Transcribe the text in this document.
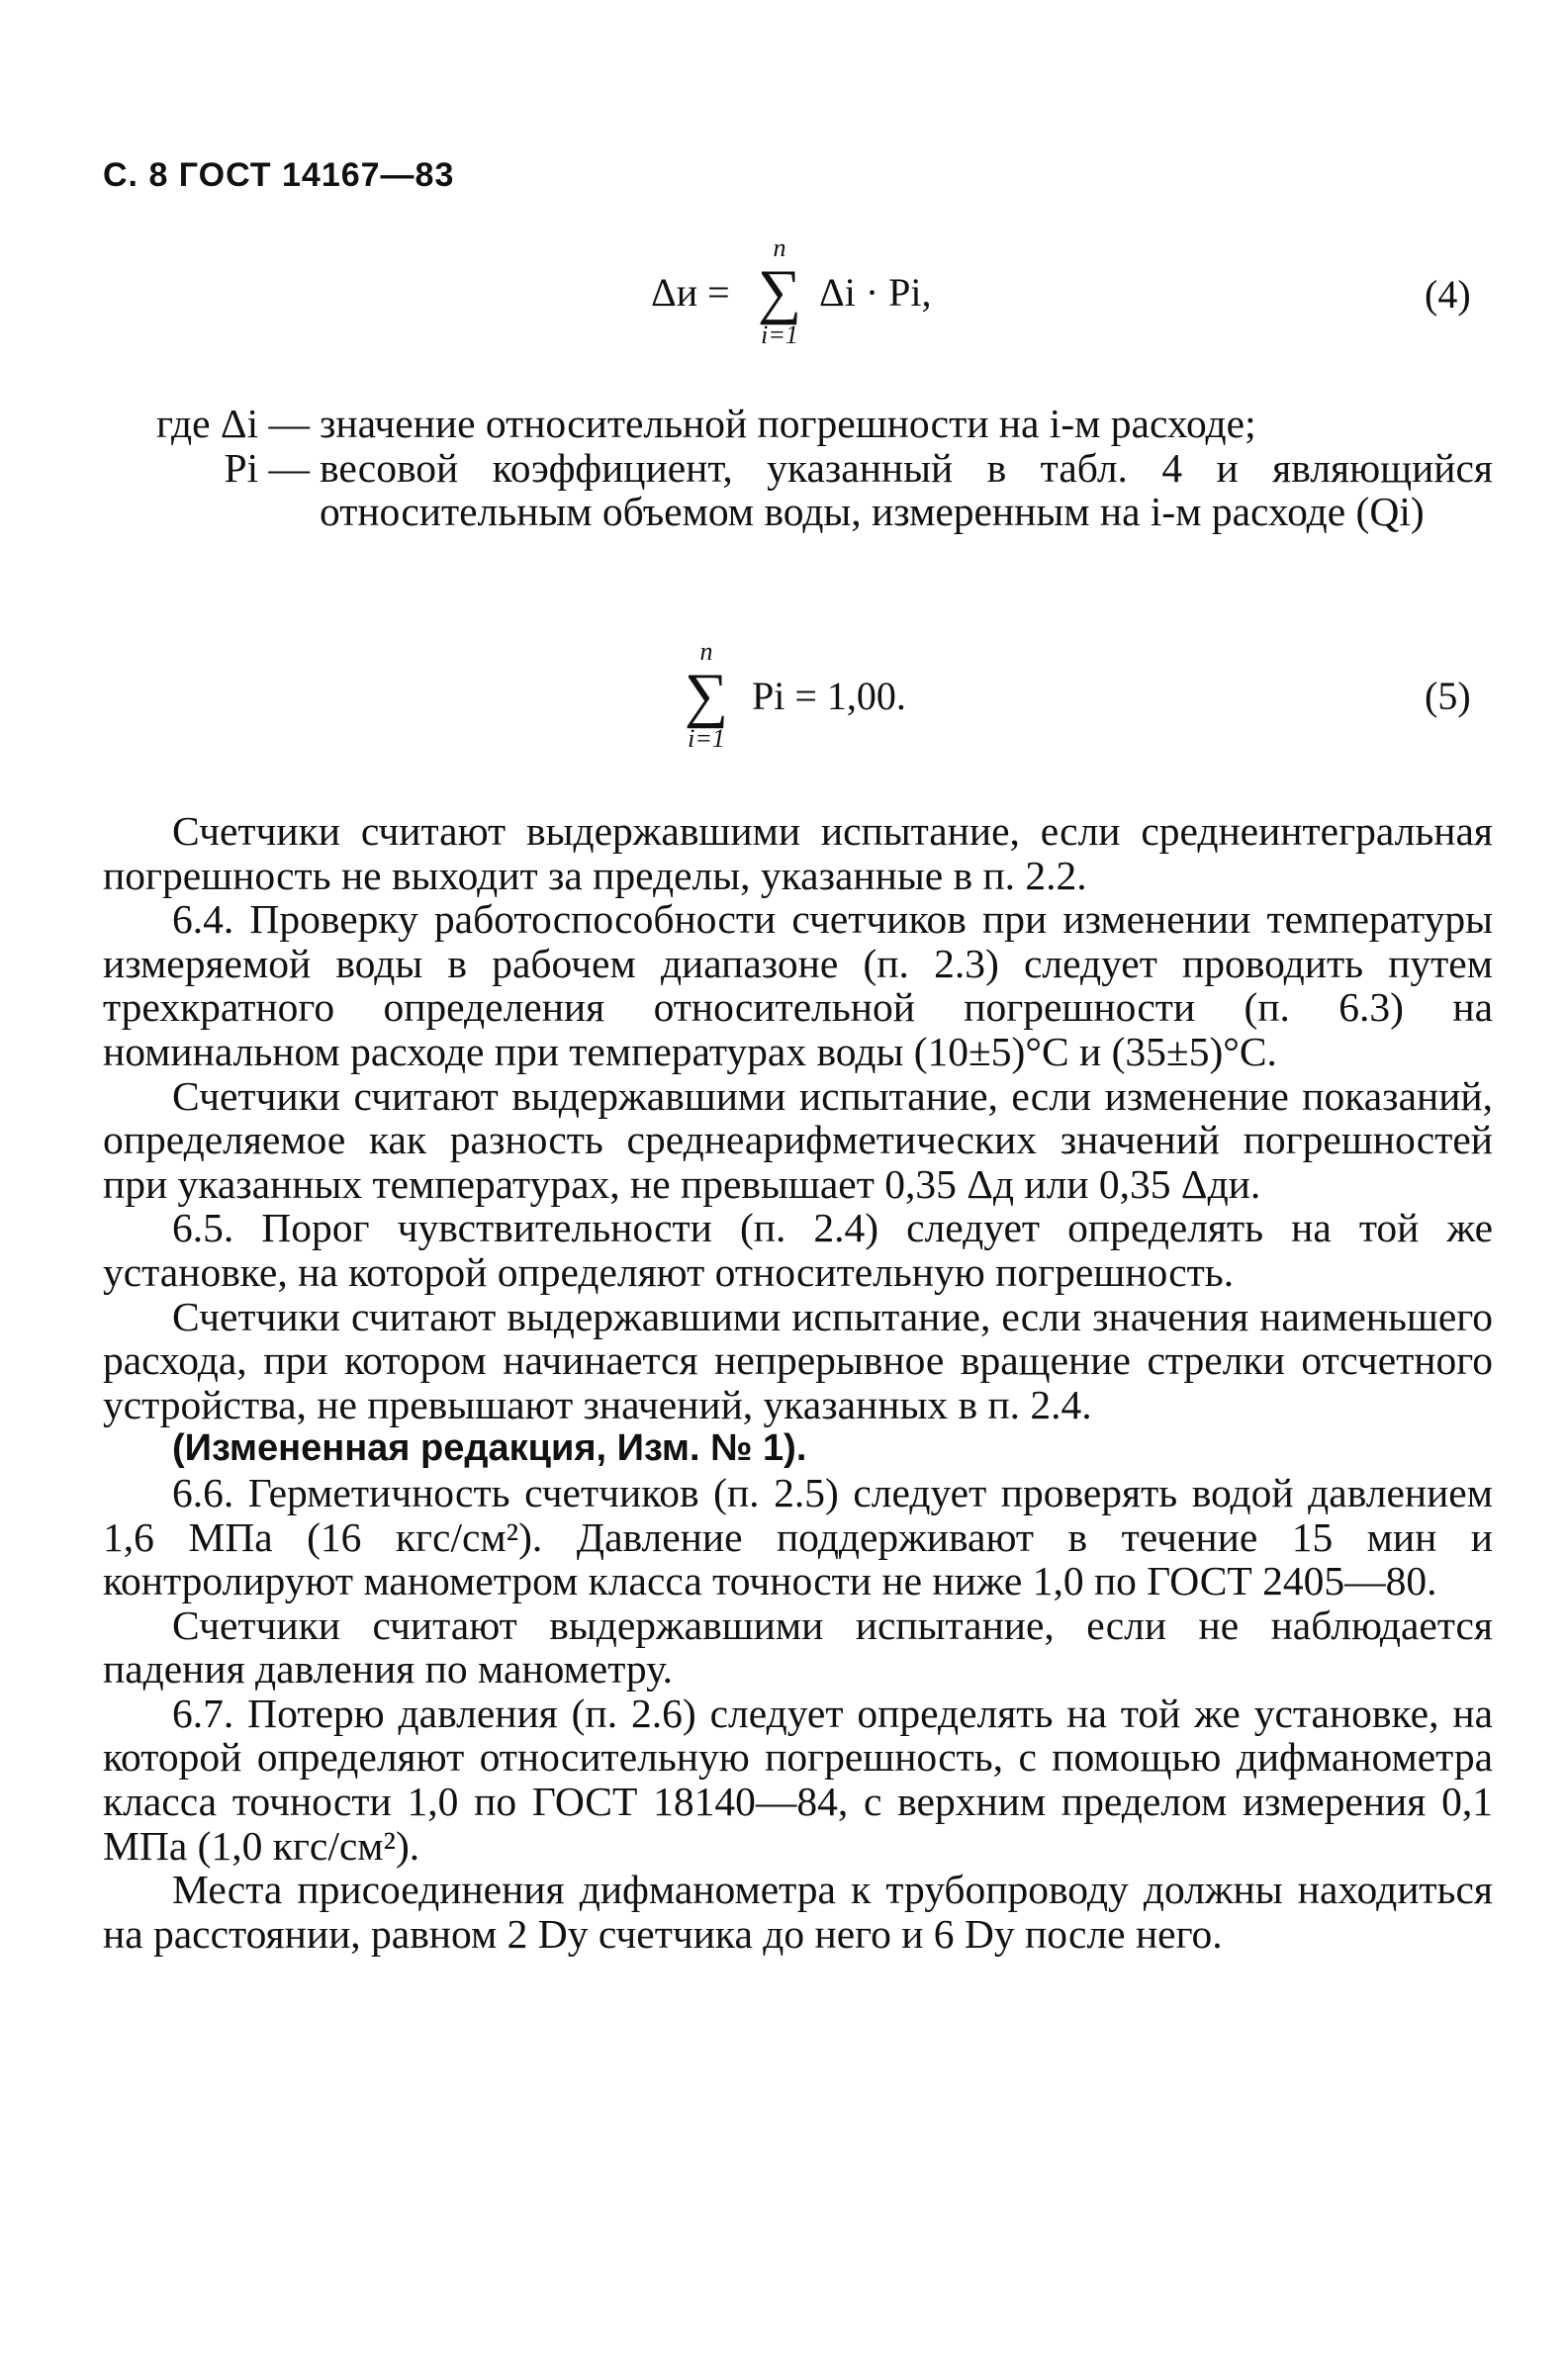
С. 8 ГОСТ 14167—83
Δи =
n
∑
i=1
Δi · Pi,	(4)
где Δi — значение относительной погрешности на i-м расходе;
Pi — весовой коэффициент, указанный в табл. 4 и являющийся относительным объемом воды, измеренным на i-м расходе (Qi)
n
∑
i=1
Pi = 1,00.	(5)

Счетчики считают выдержавшими испытание, если среднеинтегральная погрешность не выходит за пределы, указанные в п. 2.2.

6.4. Проверку работоспособности счетчиков при изменении температуры измеряемой воды в рабочем диапазоне (п. 2.3) следует проводить путем трехкратного определения относительной погрешности (п. 6.3) на номинальном расходе при температурах воды (10±5)°С и (35±5)°С.

Счетчики считают выдержавшими испытание, если изменение показаний, определяемое как разность среднеарифметических значений погрешностей при указанных температурах, не превышает 0,35 Δд или 0,35 Δди.

6.5. Порог чувствительности (п. 2.4) следует определять на той же установке, на которой определяют относительную погрешность.

Счетчики считают выдержавшими испытание, если значения наименьшего расхода, при котором начинается непрерывное вращение стрелки отсчетного устройства, не превышают значений, указанных в п. 2.4.

(Измененная редакция, Изм. № 1).

6.6. Герметичность счетчиков (п. 2.5) следует проверять водой давлением 1,6 МПа (16 кгс/см²). Давление поддерживают в течение 15 мин и контролируют манометром класса точности не ниже 1,0 по ГОСТ 2405—80.

Счетчики считают выдержавшими испытание, если не наблюдается падения давления по манометру.

6.7. Потерю давления (п. 2.6) следует определять на той же установке, на которой определяют относительную погрешность, с помощью дифманометра класса точности 1,0 по ГОСТ 18140—84, с верхним пределом измерения 0,1 МПа (1,0 кгс/см²).

Места присоединения дифманометра к трубопроводу должны находиться на расстоянии, равном 2 Dу счетчика до него и 6 Dу после него.
